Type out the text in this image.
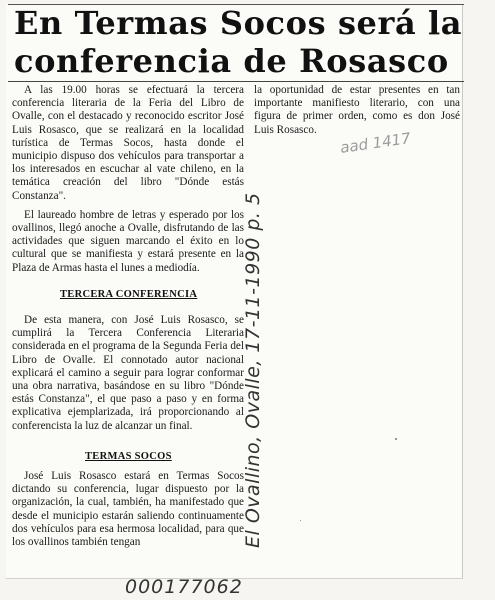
En Termas Socos será la
conferencia de Rosasco

A las 19.00 horas se efectuará la tercera conferencia literaria de la Feria del Libro de Ovalle, con el destacado y reconocido escritor José Luis Rosasco, que se realizará en la localidad turística de Termas Socos, hasta donde el municipio dispuso dos vehículos para transportar a los interesados en escuchar al vate chileno, en la temática creación del libro "Dónde estás Constanza".

El laureado hombre de letras y esperado por los ovallinos, llegó anoche a Ovalle, disfrutando de las actividades que siguen marcando el éxito en lo cultural que se manifiesta y estará presente en la Plaza de Armas hasta el lunes a mediodía.

TERCERA CONFERENCIA

De esta manera, con José Luis Rosasco, se cumplirá la Tercera Conferencia Literaria considerada en el programa de la Segunda Feria del Libro de Ovalle. El connotado autor nacional explicará el camino a seguir para lograr conformar una obra narrativa, basándose en su libro "Dónde estás Constanza", el que paso a paso y en forma explicativa ejemplarizada, irá proporcionando al conferencista la luz de alcanzar un final.

TERMAS SOCOS

José Luis Rosasco estará en Termas Socos dictando su conferencia, lugar dispuesto por la organización, la cual, también, ha manifestado que desde el municipio estarán saliendo continuamente dos vehículos para esa hermosa localidad, para que los ovallinos también tengan

la oportunidad de estar presentes en tan importante manifiesto literario, con una figura de primer orden, como es don José Luis Rosasco.	aad 1417
El Ovallino, Ovalle, 17-11-1990 p. 5
000177062
